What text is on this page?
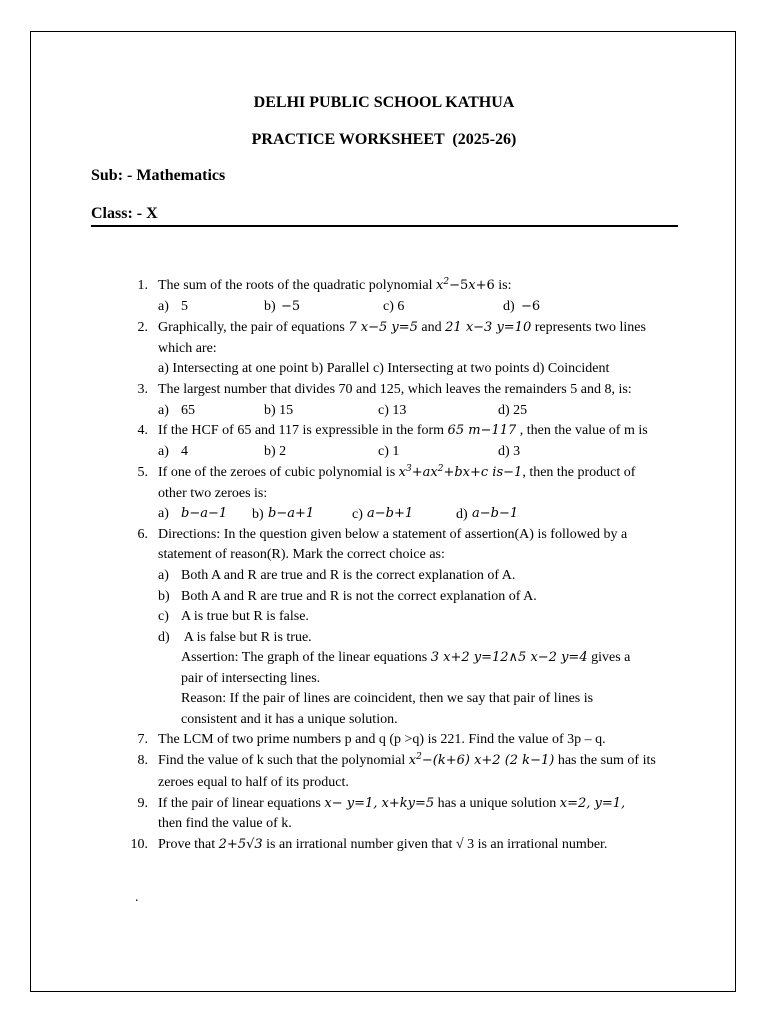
DELHI PUBLIC SCHOOL KATHUA
PRACTICE WORKSHEET  (2025-26)
Sub: - Mathematics
Class: - X
1. The sum of the roots of the quadratic polynomial $x^2-5x+6$ is:
a) 5	b) −5	c) 6	d) −6
2. Graphically, the pair of equations 7 x−5 y=5 and 21 x−3 y=10 represents two lines
which are:
a) Intersecting at one point b) Parallel c) Intersecting at two points d) Coincident
3. The largest number that divides 70 and 125, which leaves the remainders 5 and 8, is:
a) 65	b) 15	c) 13	d) 25
4. If the HCF of 65 and 117 is expressible in the form 65 m−117 , then the value of m is
a) 4	b) 2	c) 1	d) 3
5. If one of the zeroes of cubic polynomial is $x^3+ax^2+bx+c$ is−1, then the product of
other two zeroes is:
a) b−a−1 b) b−a+1	c) a−b+1	d) a−b−1
6. Directions: In the question given below a statement of assertion(A) is followed by a
statement of reason(R). Mark the correct choice as:
a) Both A and R are true and R is the correct explanation of A.
b) Both A and R are true and R is not the correct explanation of A.
c) A is true but R is false.
d) A is false but R is true.
Assertion: The graph of the linear equations 3 x+2 y=12∧5 x−2 y=4 gives a
pair of intersecting lines.
Reason: If the pair of lines are coincident, then we say that pair of lines is
consistent and it has a unique solution.
7. The LCM of two prime numbers p and q (p >q) is 221. Find the value of 3p – q.
8. Find the value of k such that the polynomial $x^2-(k+6)$ x+2 (2 k−1) has the sum of its
zeroes equal to half of its product.
9. If the pair of linear equations x− y=1, x+ky=5 has a unique solution x=2, y=1,
then find the value of k.
10. Prove that 2+5√3 is an irrational number given that √ 3 is an irrational number.
.
